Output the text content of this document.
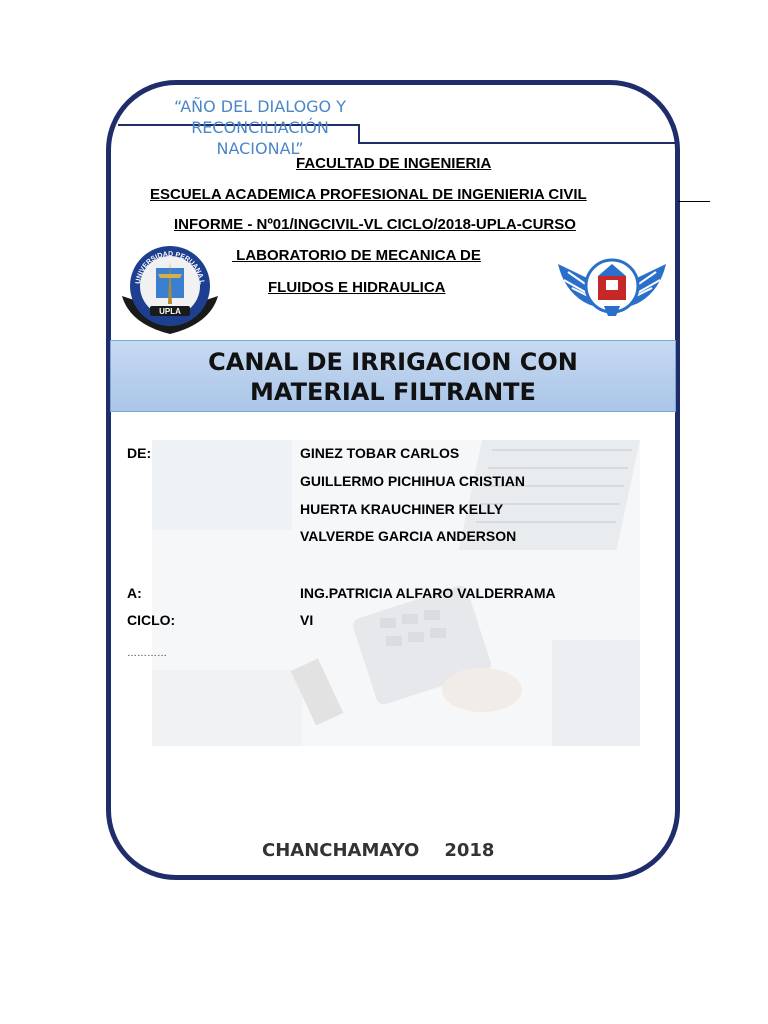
“AÑO DEL DIALOGO Y RECONCILIACIÓN NACIONAL”
FACULTAD DE INGENIERIA
ESCUELA ACADEMICA PROFESIONAL DE INGENIERIA CIVIL
INFORME - Nº01/INGCIVIL-VL CICLO/2018-UPLA-CURSO
LABORATORIO DE MECANICA DE
FLUIDOS E HIDRAULICA
UNIVERSIDAD PERUANA L
UPLA
CANAL DE IRRIGACION CON
MATERIAL FILTRANTE
DE:	GINEZ TOBAR CARLOS
GUILLERMO PICHIHUA CRISTIAN
HUERTA KRAUCHINER KELLY
VALVERDE GARCIA ANDERSON
A:	ING.PATRICIA ALFARO VALDERRAMA
CICLO:	VI
…………
CHANCHAMAYO    2018
